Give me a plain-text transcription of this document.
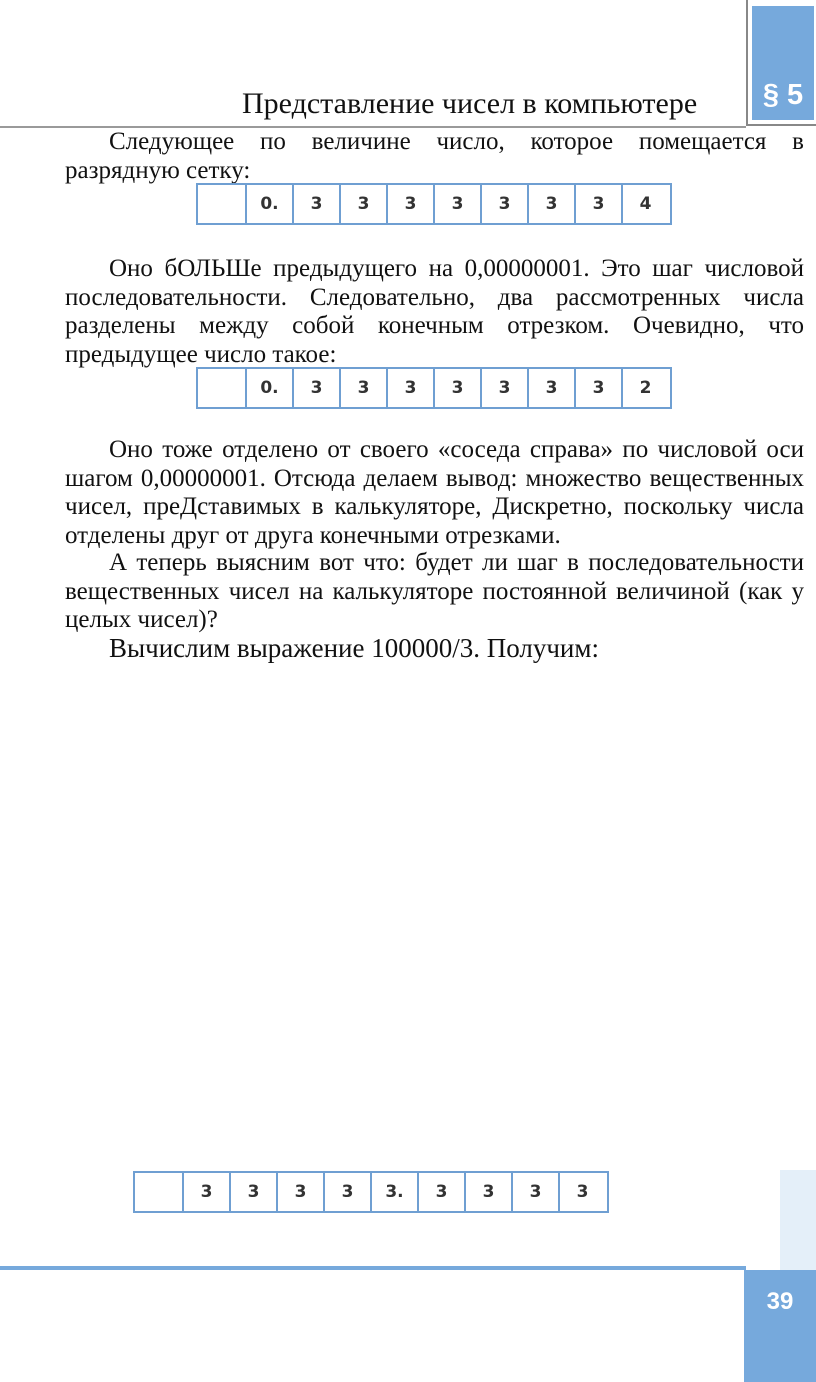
Представление чисел в компьютере	§ 5

Следующее по величине число, которое помещается в разрядную сетку:

0.	3	3	3	3	3	3	3	4

Оно бОЛЬШе предыдущего на 0,00000001. Это шаг числовой последовательности. Следовательно, два рассмотренных числа разделены между собой конечным отрезком. Очевидно, что предыдущее число такое:

0.	3	3	3	3	3	3	3	2

Оно тоже отделено от своего «соседа справа» по числовой оси шагом 0,00000001. Отсюда делаем вывод: множество вещественных чисел, преДставимых в калькуляторе, Дискретно, поскольку числа отделены друг от друга конечными отрезками.

А теперь выясним вот что: будет ли шаг в последовательности вещественных чисел на калькуляторе постоянной величиной (как у целых чисел)?

Вычислим выражение 100000/3. Получим:

3	3	3	3	3.	3	3	3	3
39
